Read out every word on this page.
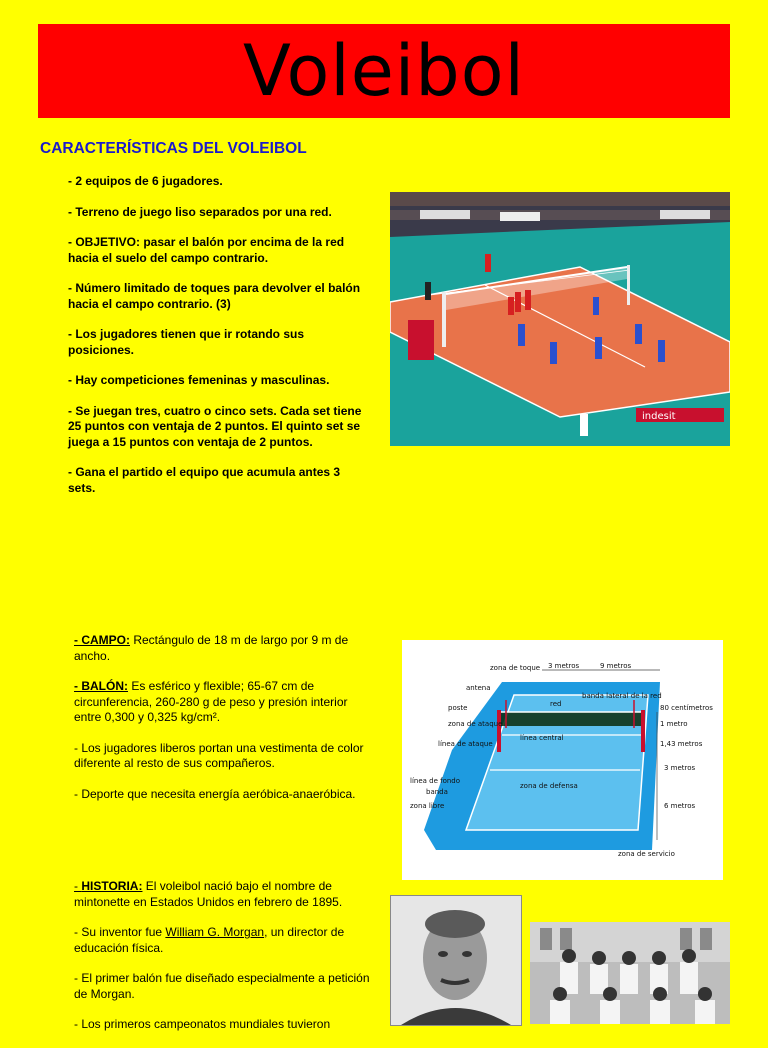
Voleibol
CARACTERÍSTICAS DEL VOLEIBOL

- 2 equipos de 6 jugadores.

- Terreno de juego liso separados por una red.

- OBJETIVO: pasar el balón por encima de la red hacia el suelo del campo contrario.

- Número limitado de toques para devolver el balón hacia el campo contrario. (3)

- Los jugadores tienen que ir rotando sus posiciones.

- Hay competiciones femeninas y masculinas.

- Se juegan tres, cuatro o cinco sets. Cada set tiene 25 puntos con ventaja de 2 puntos. El quinto set se juega a 15 puntos con ventaja de 2 puntos.

- Gana el partido el equipo que acumula antes 3 sets.

indesit

- CAMPO: Rectángulo de 18 m de largo por 9 m de ancho.

- BALÓN: Es esférico y flexible; 65-67 cm de circunferencia, 260-280 g de peso y presión interior entre 0,300 y 0,325 kg/cm².

- Los jugadores liberos portan una vestimenta de color diferente al resto de sus compañeros.

- Deporte que necesita energía aeróbica-anaeróbica.

zona de toque
antena
poste
zona de ataque
línea de ataque
línea de fondo
banda
zona libre
3 metros	9 metros
red
banda lateral de la red
línea central
zona de defensa
zona de servicio
80 centímetros
1 metro
1,43 metros
3 metros
6 metros

- HISTORIA: El voleibol nació bajo el nombre de mintonette en Estados Unidos en febrero de 1895.

- Su inventor fue William G. Morgan, un director de educación física.

- El primer balón fue diseñado especialmente a petición de Morgan.

- Los primeros campeonatos mundiales tuvieron
